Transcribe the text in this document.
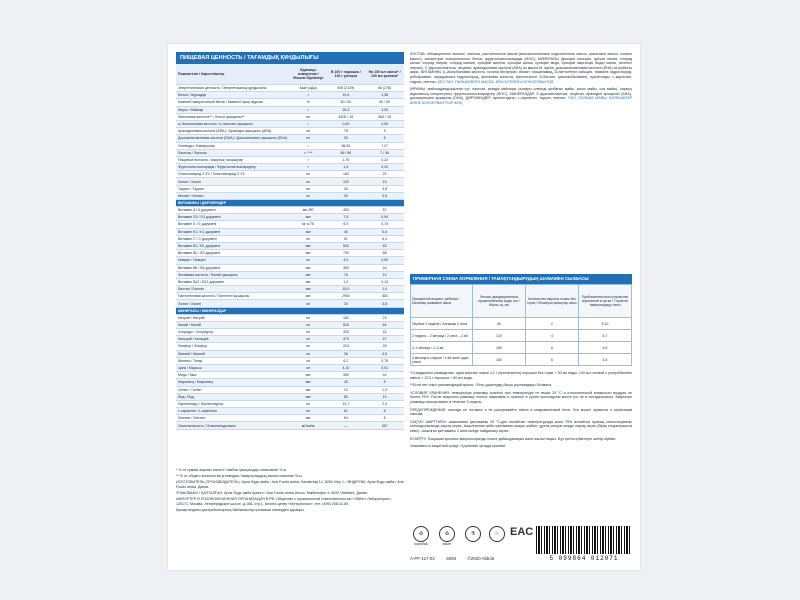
ПИЩЕВАЯ ЦЕННОСТЬ / ТАҒАМДЫҚ ҚҰНДЫЛЫҒЫ
Показатели / Көрсеткіштер	Единицы измерения / Өлшем бірліктері	В 100 г порошка / 100 г ұнтақта	На 100 мл смеси* / 100 мл қоспаға*
Энергетическая ценность / Энергетикалық құндылығы	Ккал (кДж)	509 (2129)	66 (276)
Белки / Ақуыздар	г	10,6	1,38
Казеин/Сывороточный белок / Казеин/Сарсу ақуызы	%	50 / 50	50 / 50
Жиры / Майлар	г	26,3	3,39
Линолевая кислота** / Линол қышқылы**	мг	4500 / 18	563 / 18
α-Линоленовая кислота / α-линолен қышқылы	г	0,40	0,06
Арахидоновая кислота (ARA) / Арахидон қышқылы (ARA)	мг	75	9
Докозагексаеновая кислота (DHA) / Докозагексаен қышқылы (DHA)	мг	30	5
Углеводы / Көмірсулар	г	56,54	7,07
Лактоза / Лактоза	г / ***	56 / 96	7 / 96
Пищевые волокна / Азықтық талшықтар	г	1,76	0,22
Фруктоолигосахариды / Фруктоолигосахаридтер	г	1,6	0,20
Олигосахарид 2'-FL / Олигосахарид 2'-FL	мг	160	20
Холин / Холин	мг	120	15
Таурин / Таурин	мг	30	3,8
Инозит / Инозит	мг	30	3,8
ВИТАМИНЫ / ДӘРУМЕНДЕР			
Витамин A / A дәрумені	мкг RE	453	57
Витамин D3 / D3 дәрумені	мкг	7,5	0,94
Витамин E / E дәрумені	мг α-TE	6,0	0,75
Витамин K1 / K1 дәрумені	мкг	45	5,6
Витамин C / С дәрумені	мг	51	6,4
Витамин B1 / B1 дәрумені	мкг	500	63
Витамин B2 / B2 дәрумені	мкг	700	88
Ниацин / Ниацин	мг	4,0	0,50
Витамин B6 / B6 дәрумені	мкг	350	44
Фолиевая кислота / Фолий қышқылы	мкг	76	10
Витамин B12 / B12 дәрумені	мкг	1,0	0,13
Биотин / Биотин	мкг	15,0	1,9
Пантотеновая кислота / Пантотен қышқылы	мкг	2900	363
Холин / Холин	мг	30	3,8
МИНЕРАЛЫ / МИНЕРАЛДАР			
Натрий / Натрий	мг	182	23
Калий / Калий	мг	518	64
Хлориды / Хлоридтер	мг	333	42
Кальций / Кальций	мг	379	47
Фосфор / Фосфор	мг	224	28
Магний / Магний	мг	36	4,5
Железо / Темір	мг	6,2	0,78
Цинк / Мырыш	мг	4,10	0,51
Медь / Мыс	мкг	350	44
Марганец / Марганец	мкг	40	5
Селен / Селен	мкг	10	1,3
Йод / Йод	мкг	80	10
Нуклеотиды / Нуклеотидтер	мг	19,7	2,5
L-карнитин / L-карнитин	мг	61	8
Лютеин / Лютеин	мкг	64	8
Осмоляльность / Осмоляльдылығы	мОсм/кг	—	267

* % от суммы жирных кислот / майлы қышқылдар сомасынан %-ы

** % от общего количества углеводов / көмірсулардың жалпы санынан %-ы

ИЗГОТОВИТЕЛЬ (ПРОИЗВОДИТЕЛЬ): Арла Фудс амба / Arla Foods amba, Sønderhøj 14, 8260 Viby J. / ӨНДІРУШІ: Арла Фудс амба / Arla Foods amba, Дания.

УПАКОВАНО / ҚАПТАЛҒАН: Арла Фудс амба Арингс / Arla Foods amba Arinco, Mælkevejen 4, 6920 Videbæk, Дания.

ИМПОРТЕР И УПОЛНОМОЧЕННАЯ ОРГАНИЗАЦИЯ В РФ: Общество с ограниченной ответственностью «Эбботт Лэбораториз», 125171, Москва, Ленинградское шоссе, д.16А, стр.1, Бизнес-центр «Метрополис», тел. (495) 258-42-80.

Қазақстандағы дистрибьюторлық байланыстар қосымша стикерден қараңыз.

СОСТАВ: обезжиренное молоко, лактоза, растительные масла (высокоолеиновое подсолнечное масло, кокосовое масло, соевое масло), концентрат сывороточного белка, фруктоолигосахариды (ФОС), МИНЕРАЛЫ (фосфат кальция, цитрат калия, хлорид калия, хлорид натрия, хлорид магния, сульфат железа, сульфат цинка, сульфат меди, сульфат марганца, йодат калия, селенит натрия), 2'-фукозиллактоза, лецитин, арахидоновая кислота (ARA) из масла M. alpina, докозагексаеновая кислота (DHA) из рыбьего жира, ВИТАМИНЫ (L-аскорбиновая кислота, холина битартрат, инозит, ниацинамид, D-пантотенат кальция, тиамина гидрохлорид, рибофлавин, пиридоксина гидрохлорид, фолиевая кислота, филлохинон, D-биотин, цианокобаламин), нуклеотиды, L-карнитин, таурин, лютеин. БЕЗ ГМО, ПАЛЬМОВОГО МАСЛА, КРАСИТЕЛЕЙ И КОНСЕРВАНТОВ.

ҚҰРАМЫ: майсыздандырылған сүт, лактоза, өсімдік майлары (жоғары олеинді күнбағыс майы, кокос майы, соя майы), сарысу ақуызының концентраты, фруктоолигосахаридтер (ФОС), МИНЕРАЛДАР, 2'-фукозиллактоза, лецитин, арахидон қышқылы (ARA), докозагексаен қышқылы (DHA), ДӘРУМЕНДЕР, нуклеотидтер, L-карнитин, таурин, лютеин. ГМО, ПАЛЬМА МАЙЫ, БОЯҒЫШТАР ЖӘНЕ КОНСЕРВАНТТАР ЖОҚ.

ПРИМЕРНАЯ СХЕМА КОРМЛЕНИЯ / ТАМАҚТАНДЫРУДЫҢ ШАМАМЕН СЫЗБАСЫ
Примерный возраст ребенка / Баланың шамамен жасы	Теплая (предварительно прокипяченная) вода, мл / Жылы су, мл	Количество мерных ложек без горки / Өлшеуіш қасықтар саны	Приблизительное количество кормлений в сутки / Тәулігіне тамақтандыру саны
Первые 2 недели / Алғашқы 2 апта	60	2	8-10
2 недели – 2 месяца / 2 апта – 2 ай	120	4	6-7
2–4 месяца / 2–4 ай	180	6	5-6
4 месяца и старше / 4 ай және одан үлкен	180	6	4-5

*Стандартное разведение: одна мерная ложка 4,2 г (прилагается) порошка без горки + 30 мл воды. 100 мл готовой к употреблению смеси = 12,5 г порошка + 90 мл воды.

**Если нет иных рекомендаций врача. / Егер дәрігердің басқа ұсынымдары болмаса.

УСЛОВИЯ ХРАНЕНИЯ: невскрытую упаковку хранить при температуре не выше 25 °С и относительной влажности воздуха не более 75%. После вскрытия упаковку плотно закрывать и хранить в сухом прохладном месте (но не в холодильнике). Вскрытую упаковку использовать в течение 3 недель.

ПРЕДУПРЕЖДЕНИЕ: никогда не готовьте и не разогревайте смесь в микроволновой печи. Это может привести к серьезным ожогам.

САҚТАУ ШАРТТАРЫ: ашылмаған қаптаманы 25 °С-ден аспайтын температурада және 75% аспайтын ауаның салыстырмалы ылғалдылығында сақтау керек. Ашылғаннан кейін қаптаманы жақсы жабып, құрғақ салқын жерде сақтау керек (бірақ тоңазытқышта емес). Ашылған қаптаманы 3 апта ішінде пайдалану керек.

ЕСКЕРТУ: Ешқашан қоспаны микротолқынды пеште дайындамаңыз және жылытпаңыз. Бұл қатты күйіктерге әкелуі мүмкін.

Упаковано в защитной среде / Қорғалған ортада оралған.

♻
коробка
♻
пакет
⚗	♲ EAC
A-PF-117-02	S894	©2020 Abbott	5 099864 012071
